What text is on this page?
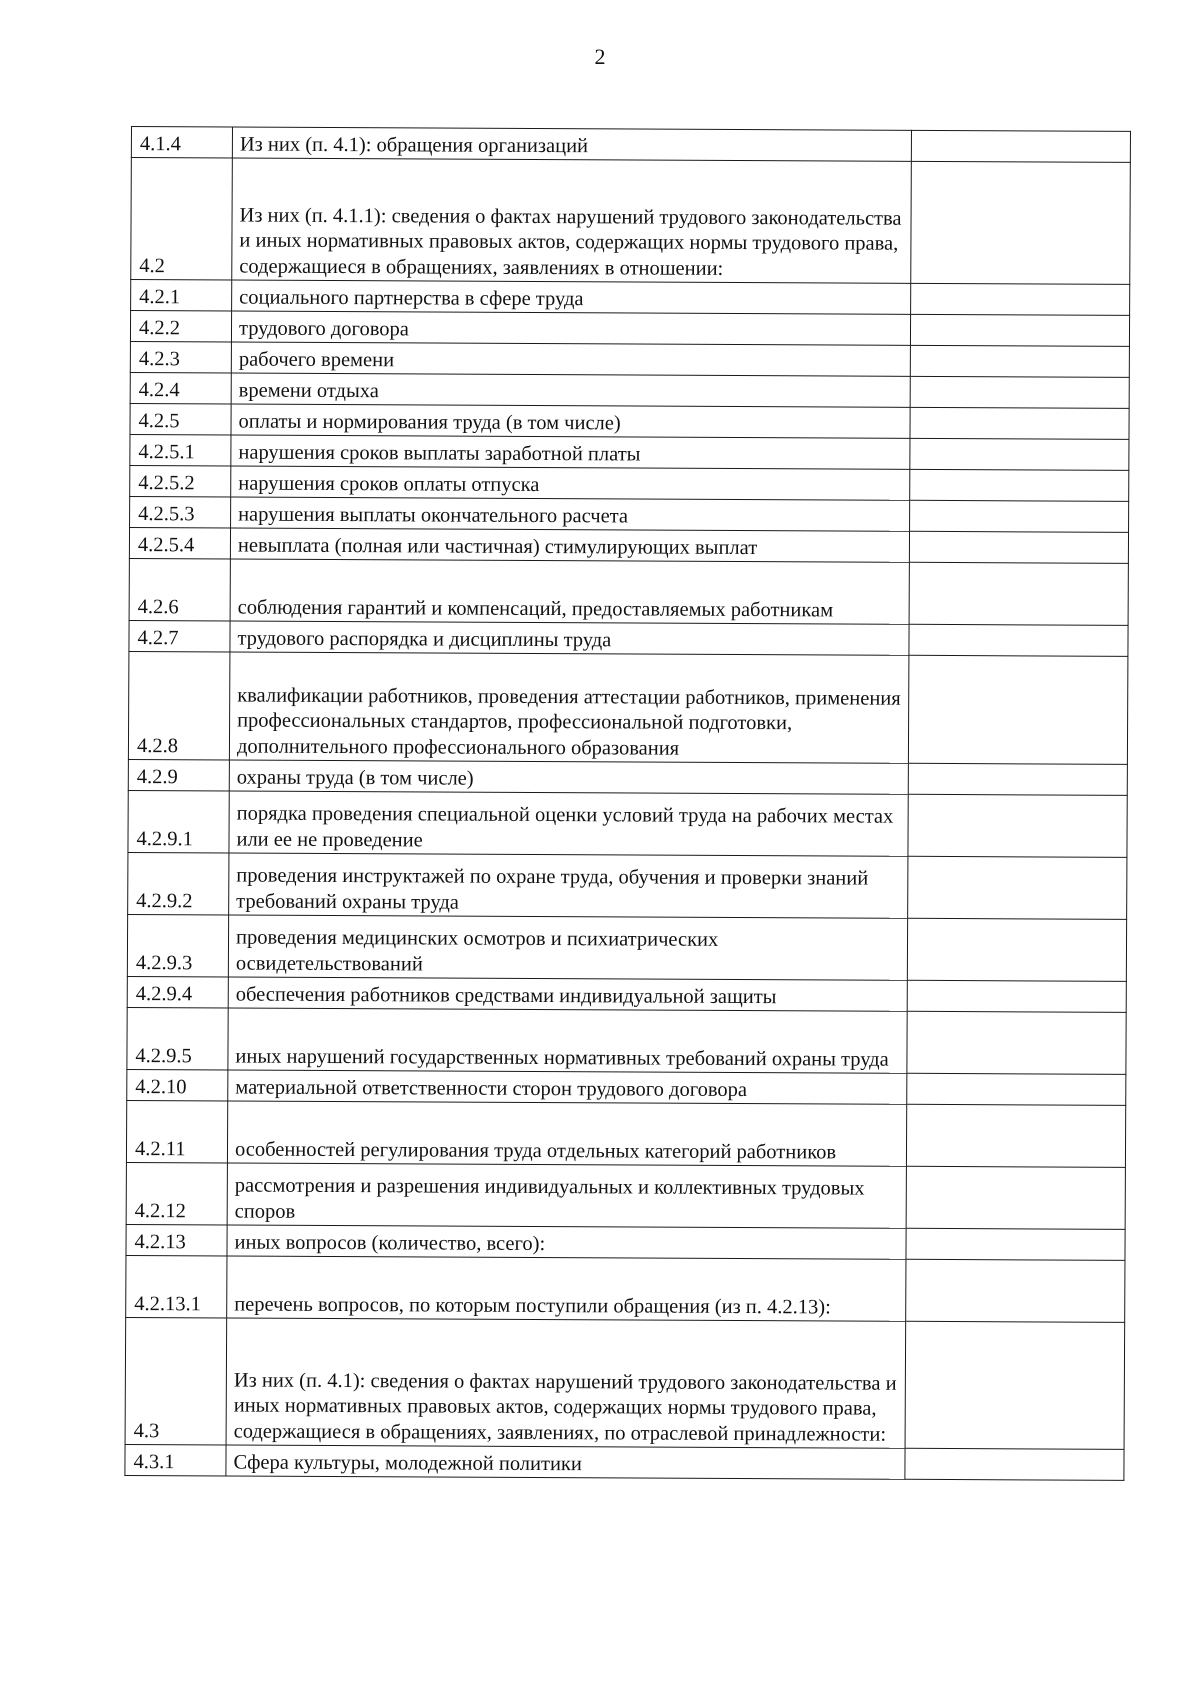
2
4.1.4	Из них (п. 4.1): обращения организаций	
4.2	Из них (п. 4.1.1): сведения о фактах нарушений трудового законодательства и иных нормативных правовых актов, содержащих нормы трудового права, содержащиеся в обращениях, заявлениях в отношении:	
4.2.1	социального партнерства в сфере труда	
4.2.2	трудового договора	
4.2.3	рабочего времени	
4.2.4	времени отдыха	
4.2.5	оплаты и нормирования труда (в том числе)	
4.2.5.1	нарушения сроков выплаты заработной платы	
4.2.5.2	нарушения сроков оплаты отпуска	
4.2.5.3	нарушения выплаты окончательного расчета	
4.2.5.4	невыплата (полная или частичная) стимулирующих выплат	
4.2.6	соблюдения гарантий и компенсаций, предоставляемых работникам	
4.2.7	трудового распорядка и дисциплины труда	
4.2.8	квалификации работников, проведения аттестации работников, применения профессиональных стандартов, профессиональной подготовки, дополнительного профессионального образования	
4.2.9	охраны труда (в том числе)	
4.2.9.1	порядка проведения специальной оценки условий труда на рабочих местах или ее не проведение	
4.2.9.2	проведения инструктажей по охране труда, обучения и проверки знаний требований охраны труда	
4.2.9.3	проведения медицинских осмотров и психиатрических освидетельствований	
4.2.9.4	обеспечения работников средствами индивидуальной защиты	
4.2.9.5	иных нарушений государственных нормативных требований охраны труда	
4.2.10	материальной ответственности сторон трудового договора	
4.2.11	особенностей регулирования труда отдельных категорий работников	
4.2.12	рассмотрения и разрешения индивидуальных и коллективных трудовых споров	
4.2.13	иных вопросов (количество, всего):	
4.2.13.1	перечень вопросов, по которым поступили обращения (из п. 4.2.13):	
4.3	Из них (п. 4.1): сведения о фактах нарушений трудового законодательства и иных нормативных правовых актов, содержащих нормы трудового права, содержащиеся в обращениях, заявлениях, по отраслевой принадлежности:	
4.3.1	Сфера культуры, молодежной политики	
